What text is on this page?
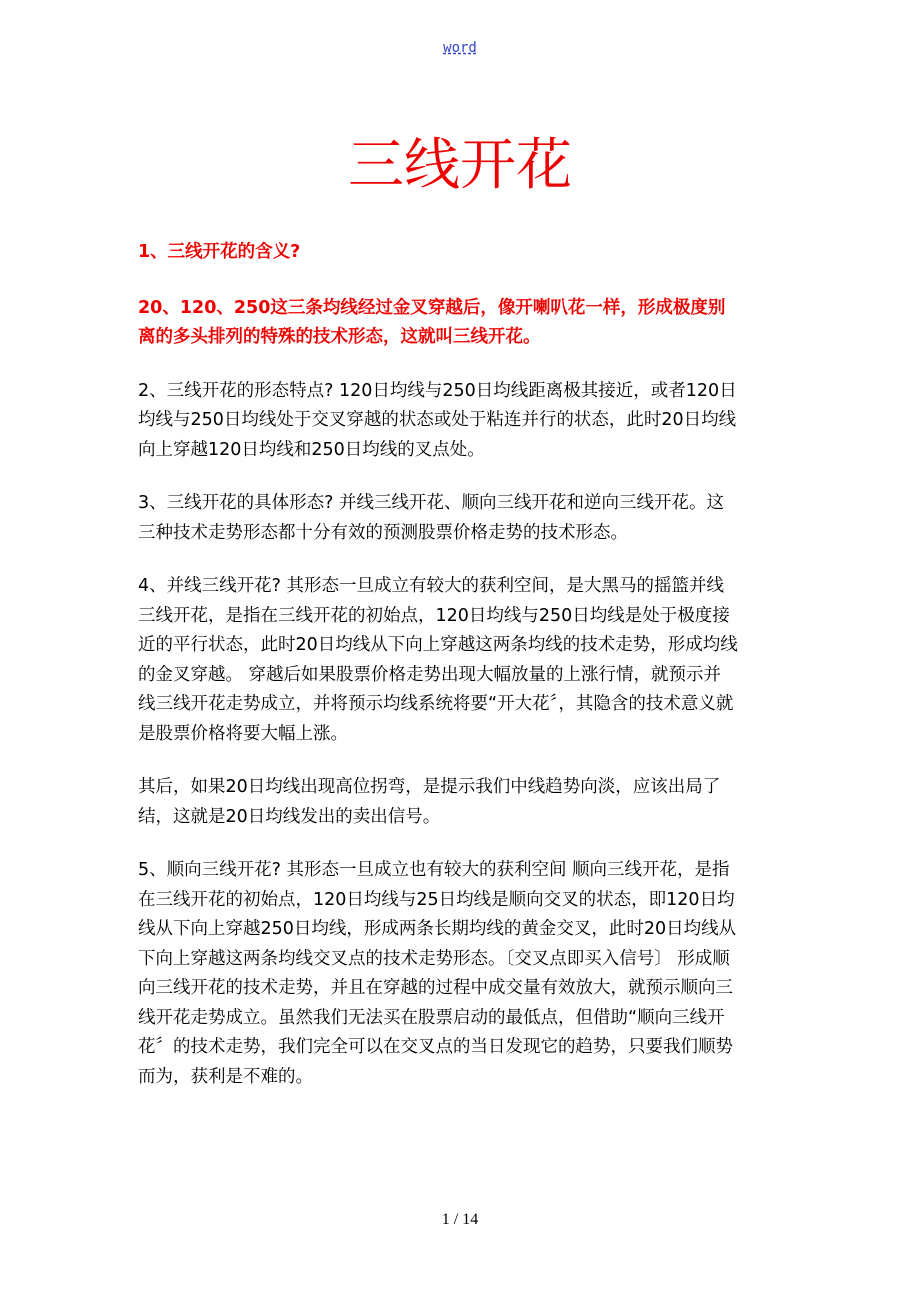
word
三线开花

1、三线开花的含义?

20、120、250这三条均线经过金叉穿越后，像开喇叭花一样，形成极度别离的多头排列的特殊的技术形态，这就叫三线开花。

2、三线开花的形态特点? 120日均线与250日均线距离极其接近，或者120日均线与250日均线处于交叉穿越的状态或处于粘连并行的状态，此时20日均线向上穿越120日均线和250日均线的叉点处。

3、三线开花的具体形态? 并线三线开花、顺向三线开花和逆向三线开花。这三种技术走势形态都十分有效的预测股票价格走势的技术形态。

4、并线三线开花? 其形态一旦成立有较大的获利空间，是大黑马的摇篮并线三线开花，是指在三线开花的初始点，120日均线与250日均线是处于极度接近的平行状态，此时20日均线从下向上穿越这两条均线的技术走势，形成均线的金叉穿越。 穿越后如果股票价格走势出现大幅放量的上涨行情，就预示并线三线开花走势成立，并将预示均线系统将要“开大花〞，其隐含的技术意义就是股票价格将要大幅上涨。

其后，如果20日均线出现高位拐弯，是提示我们中线趋势向淡，应该出局了结，这就是20日均线发出的卖出信号。

5、顺向三线开花? 其形态一旦成立也有较大的获利空间 顺向三线开花，是指在三线开花的初始点，120日均线与25日均线是顺向交叉的状态，即120日均线从下向上穿越250日均线，形成两条长期均线的黄金交叉，此时20日均线从下向上穿越这两条均线交叉点的技术走势形态。〔交叉点即买入信号〕 形成顺向三线开花的技术走势，并且在穿越的过程中成交量有效放大，就预示顺向三线开花走势成立。虽然我们无法买在股票启动的最低点，但借助“顺向三线开花〞的技术走势，我们完全可以在交叉点的当日发现它的趋势，只要我们顺势而为，获利是不难的。

1 / 14
